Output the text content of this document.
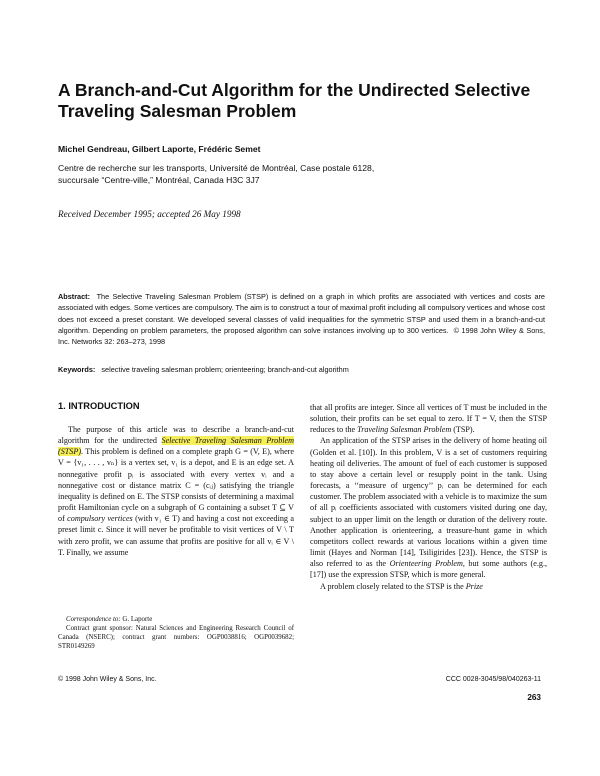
A Branch-and-Cut Algorithm for the Undirected Selective Traveling Salesman Problem
Michel Gendreau, Gilbert Laporte, Frédéric Semet
Centre de recherche sur les transports, Université de Montréal, Case postale 6128,
succursale “Centre-ville,” Montréal, Canada H3C 3J7
Received December 1995; accepted 26 May 1998
Abstract: The Selective Traveling Salesman Problem (STSP) is defined on a graph in which profits are associated with vertices and costs are associated with edges. Some vertices are compulsory. The aim is to construct a tour of maximal profit including all compulsory vertices and whose cost does not exceed a preset constant. We developed several classes of valid inequalities for the symmetric STSP and used them in a branch-and-cut algorithm. Depending on problem parameters, the proposed algorithm can solve instances involving up to 300 vertices. © 1998 John Wiley & Sons, Inc. Networks 32: 263–273, 1998
Keywords: selective traveling salesman problem; orienteering; branch-and-cut algorithm
1. INTRODUCTION

The purpose of this article was to describe a branch-and-cut algorithm for the undirected Selective Traveling Salesman Problem (STSP). This problem is defined on a complete graph G = (V, E), where V = {v₁, . . . , vₙ} is a vertex set, v₁ is a depot, and E is an edge set. A nonnegative profit pᵢ is associated with every vertex vᵢ and a nonnegative cost or distance matrix C = (cᵢⱼ) satisfying the triangle inequality is defined on E. The STSP consists of determining a maximal profit Hamiltonian cycle on a subgraph of G containing a subset T ⊆ V of compulsory vertices (with v₁ ∈ T) and having a cost not exceeding a preset limit c. Since it will never be profitable to visit vertices of V \ T with zero profit, we can assume that profits are positive for all vᵢ ∈ V \ T. Finally, we assume

Correspondence to: G. Laporte

Contract grant sponsor: Natural Sciences and Engineering Research Council of Canada (NSERC); contract grant numbers: OGP0038816; OGP0039682; STR0149269

that all profits are integer. Since all vertices of T must be included in the solution, their profits can be set equal to zero. If T = V, then the STSP reduces to the Traveling Salesman Problem (TSP).

An application of the STSP arises in the delivery of home heating oil (Golden et al. [10]). In this problem, V is a set of customers requiring heating oil deliveries. The amount of fuel of each customer is supposed to stay above a certain level or resupply point in the tank. Using forecasts, a ‘‘measure of urgency’’ pᵢ can be determined for each customer. The problem associated with a vehicle is to maximize the sum of all pᵢ coefficients associated with customers visited during one day, subject to an upper limit on the length or duration of the delivery route. Another application is orienteering, a treasure-hunt game in which competitors collect rewards at various locations within a given time limit (Hayes and Norman [14], Tsiligirides [23]). Hence, the STSP is also referred to as the Orienteering Problem, but some authors (e.g., [17]) use the expression STSP, which is more general.

A problem closely related to the STSP is the Prize

© 1998 John Wiley & Sons, Inc.	CCC 0028-3045/98/040263-11
263
